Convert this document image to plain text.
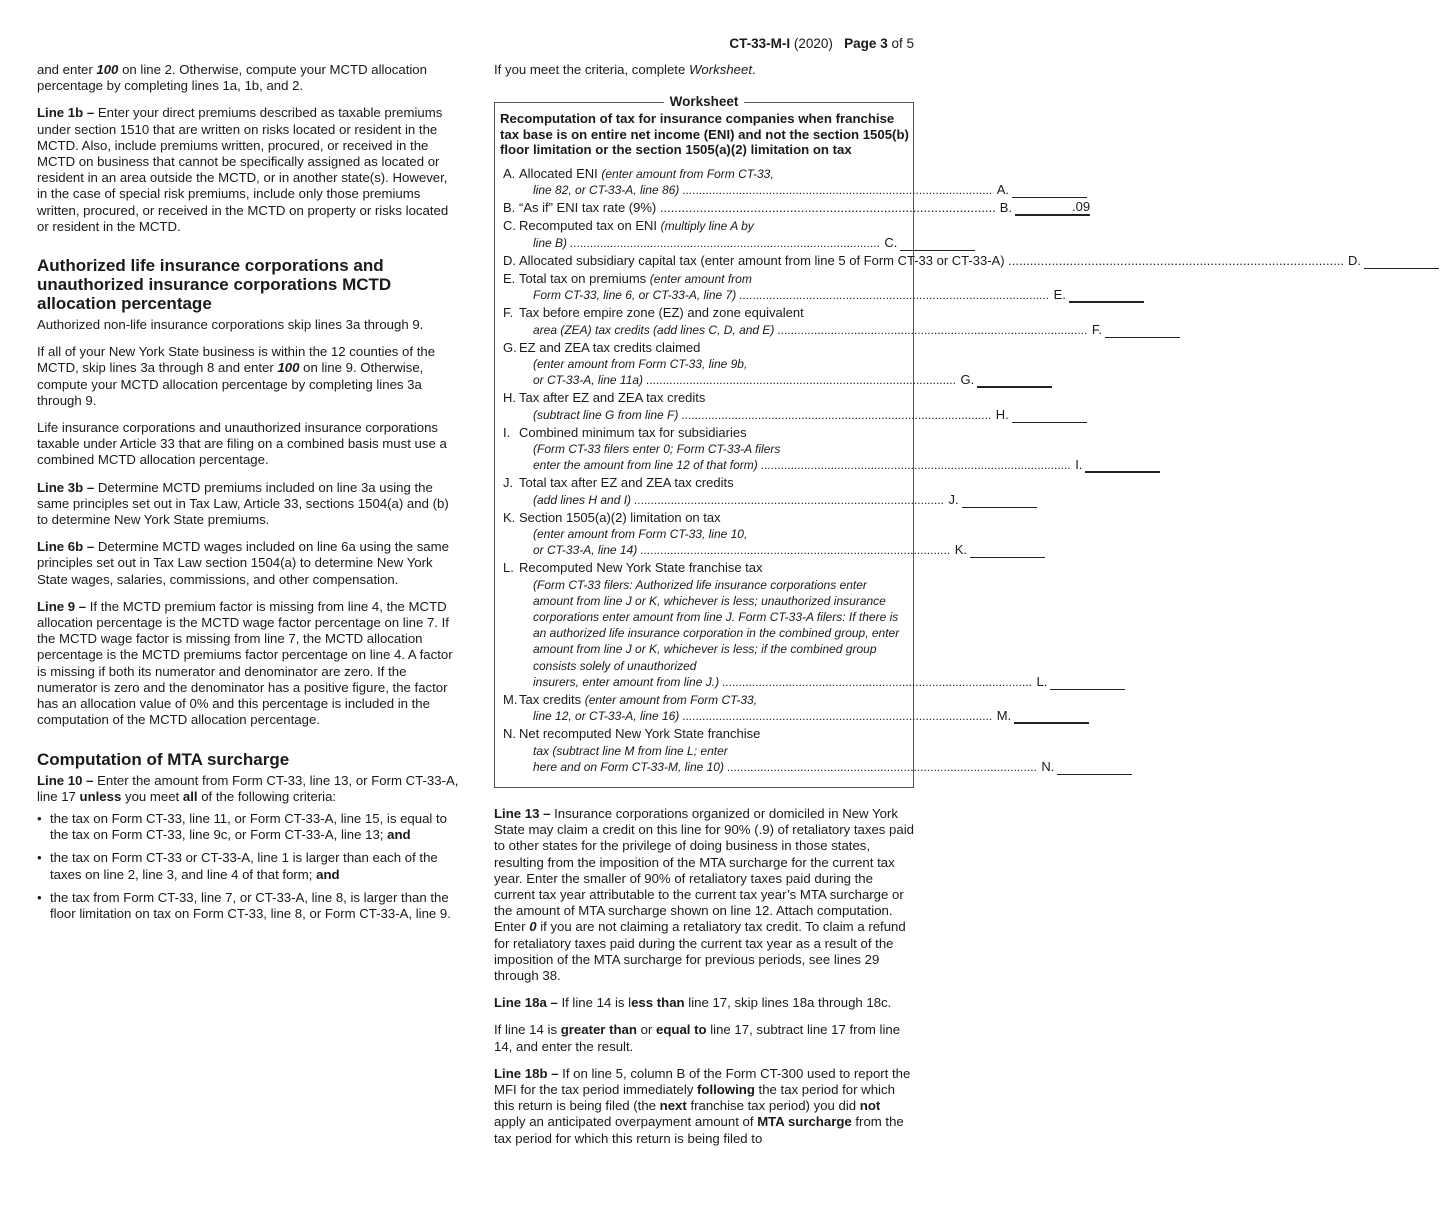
CT-33-M-I (2020) Page 3 of 5

and enter 100 on line 2. Otherwise, compute your MCTD allocation percentage by completing lines 1a, 1b, and 2.

Line 1b – Enter your direct premiums described as taxable premiums under section 1510 that are written on risks located or resident in the MCTD. Also, include premiums written, procured, or received in the MCTD on business that cannot be specifically assigned as located or resident in an area outside the MCTD, or in another state(s). However, in the case of special risk premiums, include only those premiums written, procured, or received in the MCTD on property or risks located or resident in the MCTD.

Authorized life insurance corporations and unauthorized insurance corporations MCTD allocation percentage

Authorized non-life insurance corporations skip lines 3a through 9.

If all of your New York State business is within the 12 counties of the MCTD, skip lines 3a through 8 and enter 100 on line 9. Otherwise, compute your MCTD allocation percentage by completing lines 3a through 9.

Life insurance corporations and unauthorized insurance corporations taxable under Article 33 that are filing on a combined basis must use a combined MCTD allocation percentage.

Line 3b – Determine MCTD premiums included on line 3a using the same principles set out in Tax Law, Article 33, sections 1504(a) and (b) to determine New York State premiums.

Line 6b – Determine MCTD wages included on line 6a using the same principles set out in Tax Law section 1504(a) to determine New York State wages, salaries, commissions, and other compensation.

Line 9 – If the MCTD premium factor is missing from line 4, the MCTD allocation percentage is the MCTD wage factor percentage on line 7. If the MCTD wage factor is missing from line 7, the MCTD allocation percentage is the MCTD premiums factor percentage on line 4. A factor is missing if both its numerator and denominator are zero. If the numerator is zero and the denominator has a positive figure, the factor has an allocation value of 0% and this percentage is included in the computation of the MCTD allocation percentage.

Computation of MTA surcharge

Line 10 – Enter the amount from Form CT-33, line 13, or Form CT-33-A, line 17 unless you meet all of the following criteria:

• the tax on Form CT-33, line 11, or Form CT-33-A, line 15, is equal to the tax on Form CT-33, line 9c, or Form CT-33-A, line 13; and
• the tax on Form CT-33 or CT-33-A, line 1 is larger than each of the taxes on line 2, line 3, and line 4 of that form; and
• the tax from Form CT-33, line 7, or CT-33-A, line 8, is larger than the floor limitation on tax on Form CT-33, line 8, or Form CT-33-A, line 9.

If you meet the criteria, complete Worksheet.

Worksheet
Recomputation of tax for insurance companies when franchise tax base is on entire net income (ENI) and not the section 1505(b) floor limitation or the section 1505(a)(2) limitation on tax
A. Allocated ENI (enter amount from Form CT-33,
line 82, or CT-33-A, line 86) .....	A.
B. “As if” ENI tax rate (9%) .....	B.	.09
C. Recomputed tax on ENI (multiply line A by
line B) .....	C.
D. Allocated subsidiary capital tax (enter amount from line 5 of Form CT-33 or CT-33-A) .....	D.
E. Total tax on premiums (enter amount from
Form CT-33, line 6, or CT-33-A, line 7) .....	E.
F. Tax before empire zone (EZ) and zone equivalent
area (ZEA) tax credits (add lines C, D, and E) .....	F.
G. EZ and ZEA tax credits claimed
(enter amount from Form CT-33, line 9b,
or CT-33-A, line 11a) .....	G.
H. Tax after EZ and ZEA tax credits
(subtract line G from line F) .....	H.
I. Combined minimum tax for subsidiaries
(Form CT-33 filers enter 0; Form CT-33-A filers
enter the amount from line 12 of that form) .....	I.
J. Total tax after EZ and ZEA tax credits
(add lines H and I) .....	J.
K. Section 1505(a)(2) limitation on tax
(enter amount from Form CT-33, line 10,
or CT-33-A, line 14) .....	K.
L. Recomputed New York State franchise tax
(Form CT-33 filers: Authorized life insurance corporations enter amount from line J or K, whichever is less; unauthorized insurance corporations enter amount from line J. Form CT-33-A filers: If there is an authorized life insurance corporation in the combined group, enter amount from line J or K, whichever is less; if the combined group consists solely of unauthorized
insurers, enter amount from line J.) .....	L.
M. Tax credits (enter amount from Form CT-33,
line 12, or CT-33-A, line 16) .....	M.
N. Net recomputed New York State franchise
tax (subtract line M from line L; enter
here and on Form CT-33-M, line 10) .....	N.

Line 13 – Insurance corporations organized or domiciled in New York State may claim a credit on this line for 90% (.9) of retaliatory taxes paid to other states for the privilege of doing business in those states, resulting from the imposition of the MTA surcharge for the current tax year. Enter the smaller of 90% of retaliatory taxes paid during the current tax year attributable to the current tax year’s MTA surcharge or the amount of MTA surcharge shown on line 12. Attach computation. Enter 0 if you are not claiming a retaliatory tax credit. To claim a refund for retaliatory taxes paid during the current tax year as a result of the imposition of the MTA surcharge for previous periods, see lines 29 through 38.

Line 18a – If line 14 is less than line 17, skip lines 18a through 18c.

If line 14 is greater than or equal to line 17, subtract line 17 from line 14, and enter the result.

Line 18b – If on line 5, column B of the Form CT-300 used to report the MFI for the tax period immediately following the tax period for which this return is being filed (the next franchise tax period) you did not apply an anticipated overpayment amount of MTA surcharge from the tax period for which this return is being filed to
